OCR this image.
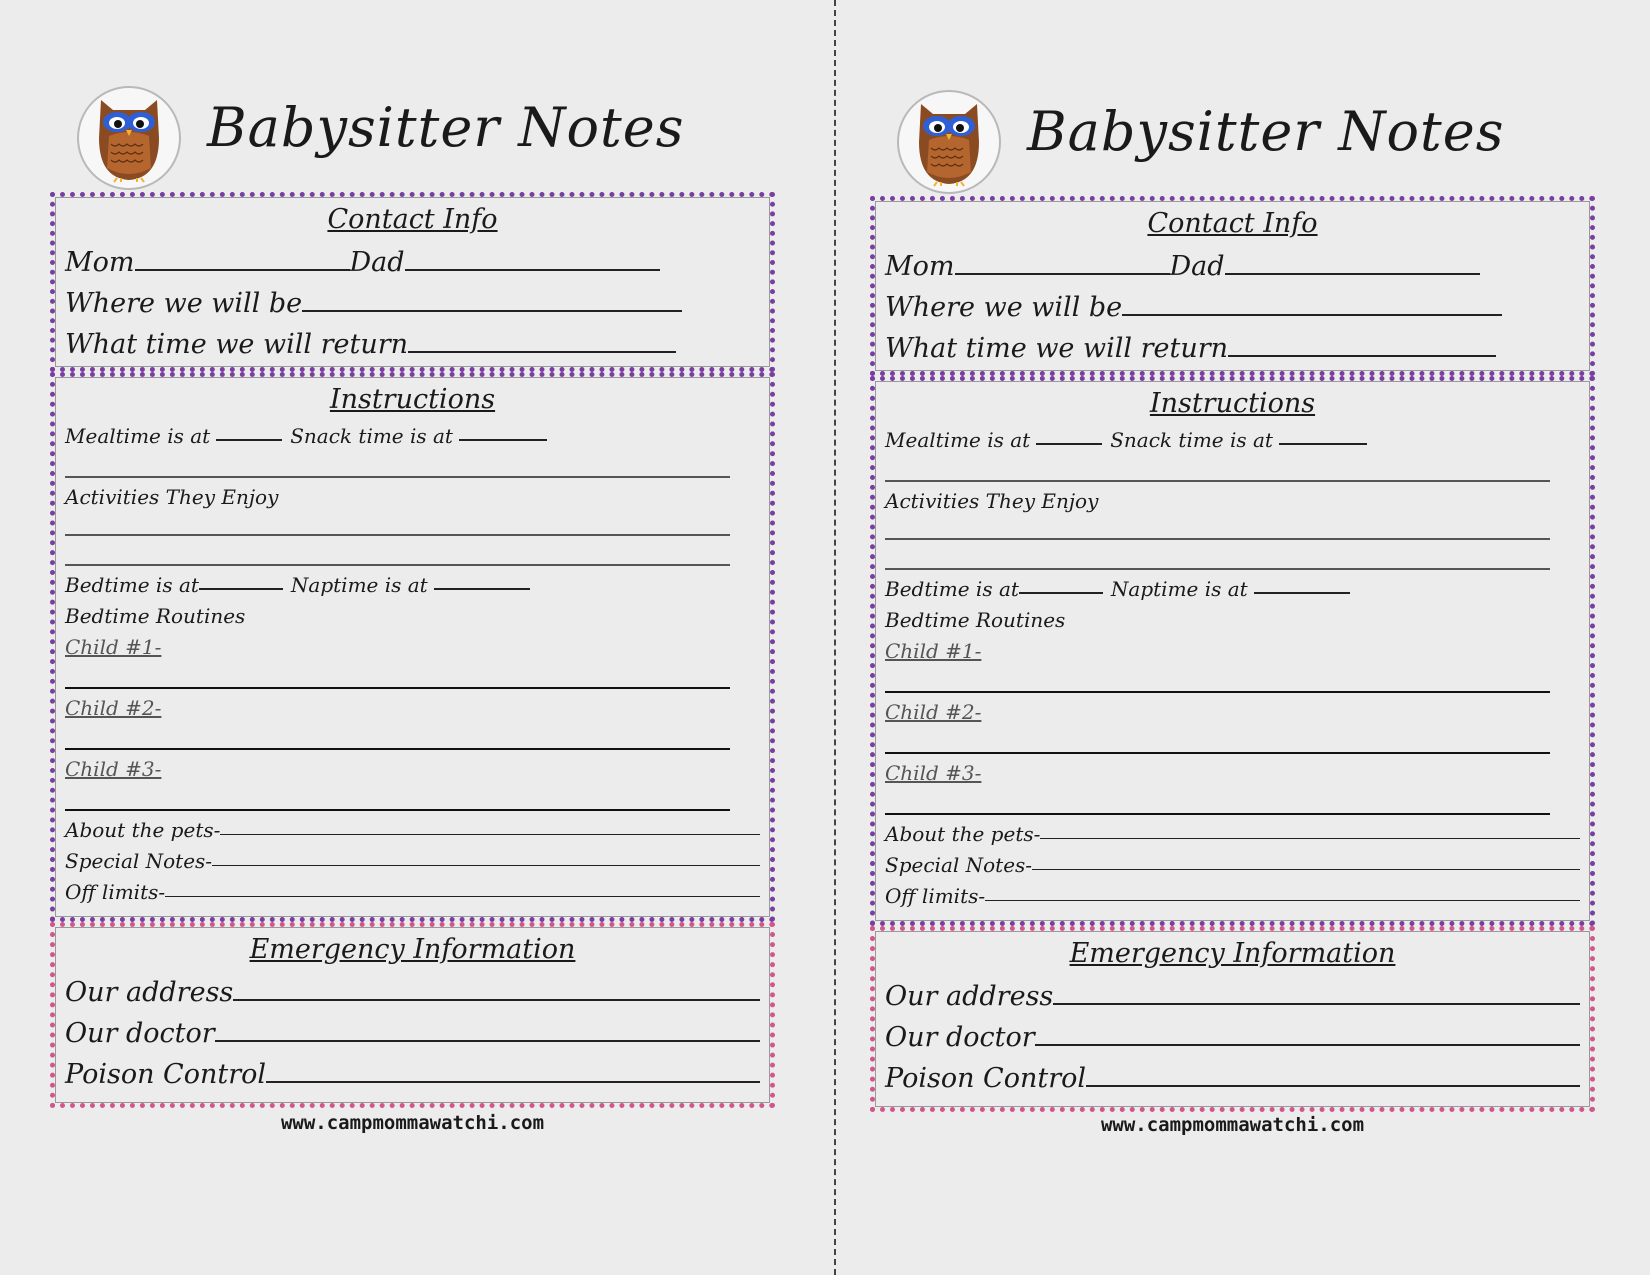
Babysitter Notes
Contact Info
Mom	Dad
Where we will be
What time we will return
Instructions
Mealtime is at	Snack time is at
Activities They Enjoy
Bedtime is at	Naptime is at
Bedtime Routines
Child #1-
Child #2-
Child #3-
About the pets-
Special Notes-
Off limits-
Emergency Information
Our address
Our doctor
Poison Control
www.campmommawatchi.com
Babysitter Notes
Contact Info
Mom	Dad
Where we will be
What time we will return
Instructions
Mealtime is at	Snack time is at
Activities They Enjoy
Bedtime is at	Naptime is at
Bedtime Routines
Child #1-
Child #2-
Child #3-
About the pets-
Special Notes-
Off limits-
Emergency Information
Our address
Our doctor
Poison Control
www.campmommawatchi.com
